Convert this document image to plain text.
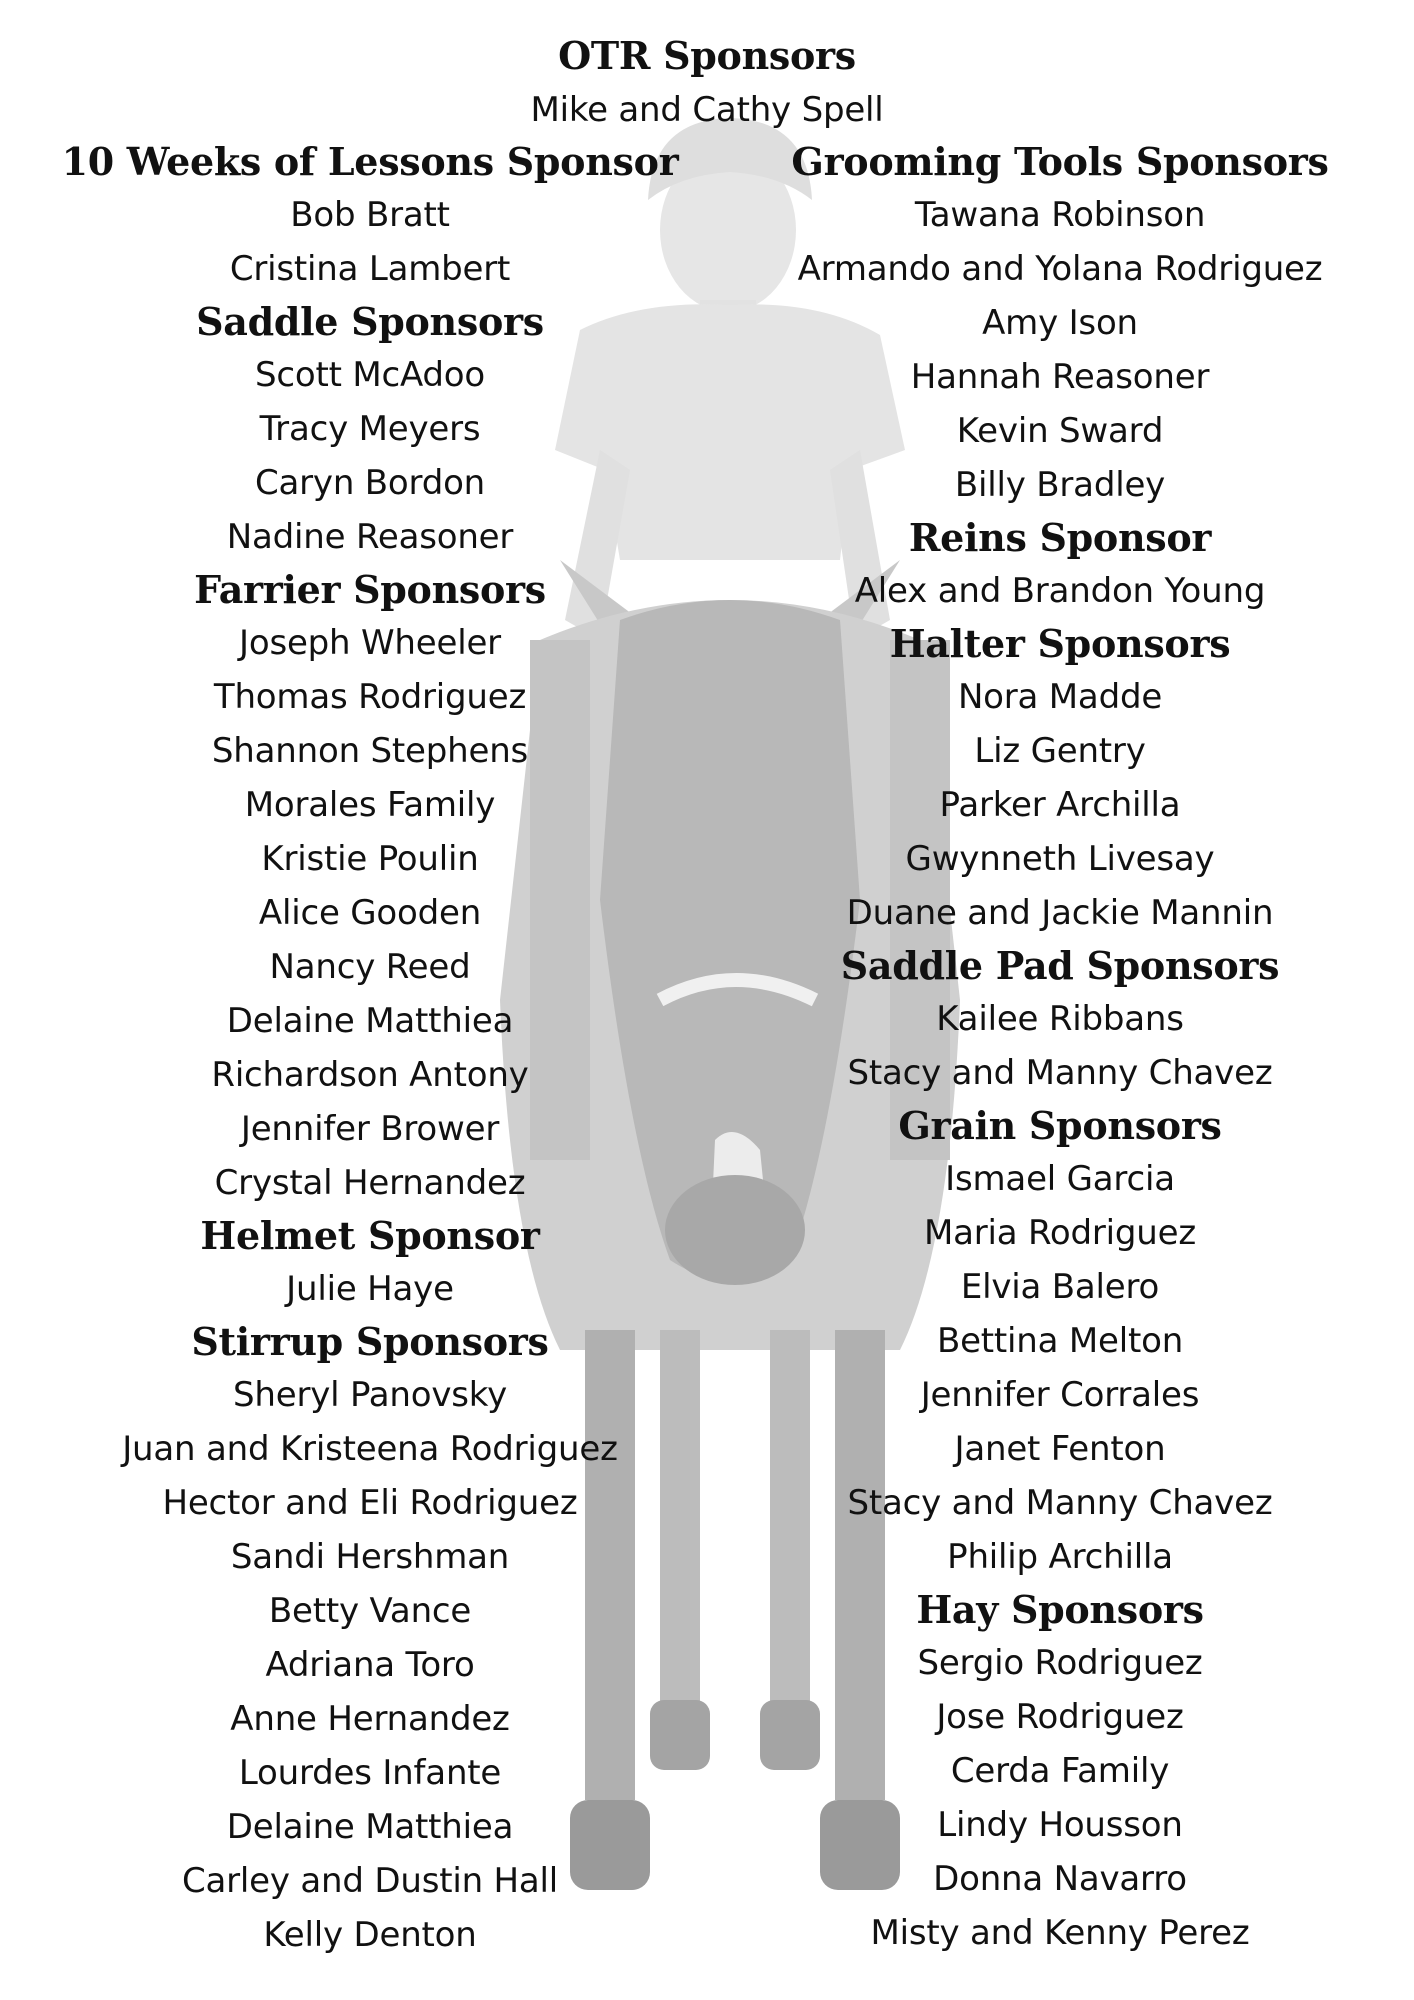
OTR Sponsors
Mike and Cathy Spell
10 Weeks of Lessons Sponsor
Bob Bratt
Cristina Lambert
Saddle Sponsors
Scott McAdoo
Tracy Meyers
Caryn Bordon
Nadine Reasoner
Farrier Sponsors
Joseph Wheeler
Thomas Rodriguez
Shannon Stephens
Morales Family
Kristie Poulin
Alice Gooden
Nancy Reed
Delaine Matthiea
Richardson Antony
Jennifer Brower
Crystal Hernandez
Helmet Sponsor
Julie Haye
Stirrup Sponsors
Sheryl Panovsky
Juan and Kristeena Rodriguez
Hector and Eli Rodriguez
Sandi Hershman
Betty Vance
Adriana Toro
Anne Hernandez
Lourdes Infante
Delaine Matthiea
Carley and Dustin Hall
Kelly Denton
Grooming Tools Sponsors
Tawana Robinson
Armando and Yolana Rodriguez
Amy Ison
Hannah Reasoner
Kevin Sward
Billy Bradley
Reins Sponsor
Alex and Brandon Young
Halter Sponsors
Nora Madde
Liz Gentry
Parker Archilla
Gwynneth Livesay
Duane and Jackie Mannin
Saddle Pad Sponsors
Kailee Ribbans
Stacy and Manny Chavez
Grain Sponsors
Ismael Garcia
Maria Rodriguez
Elvia Balero
Bettina Melton
Jennifer Corrales
Janet Fenton
Stacy and Manny Chavez
Philip Archilla
Hay Sponsors
Sergio Rodriguez
Jose Rodriguez
Cerda Family
Lindy Housson
Donna Navarro
Misty and Kenny Perez
